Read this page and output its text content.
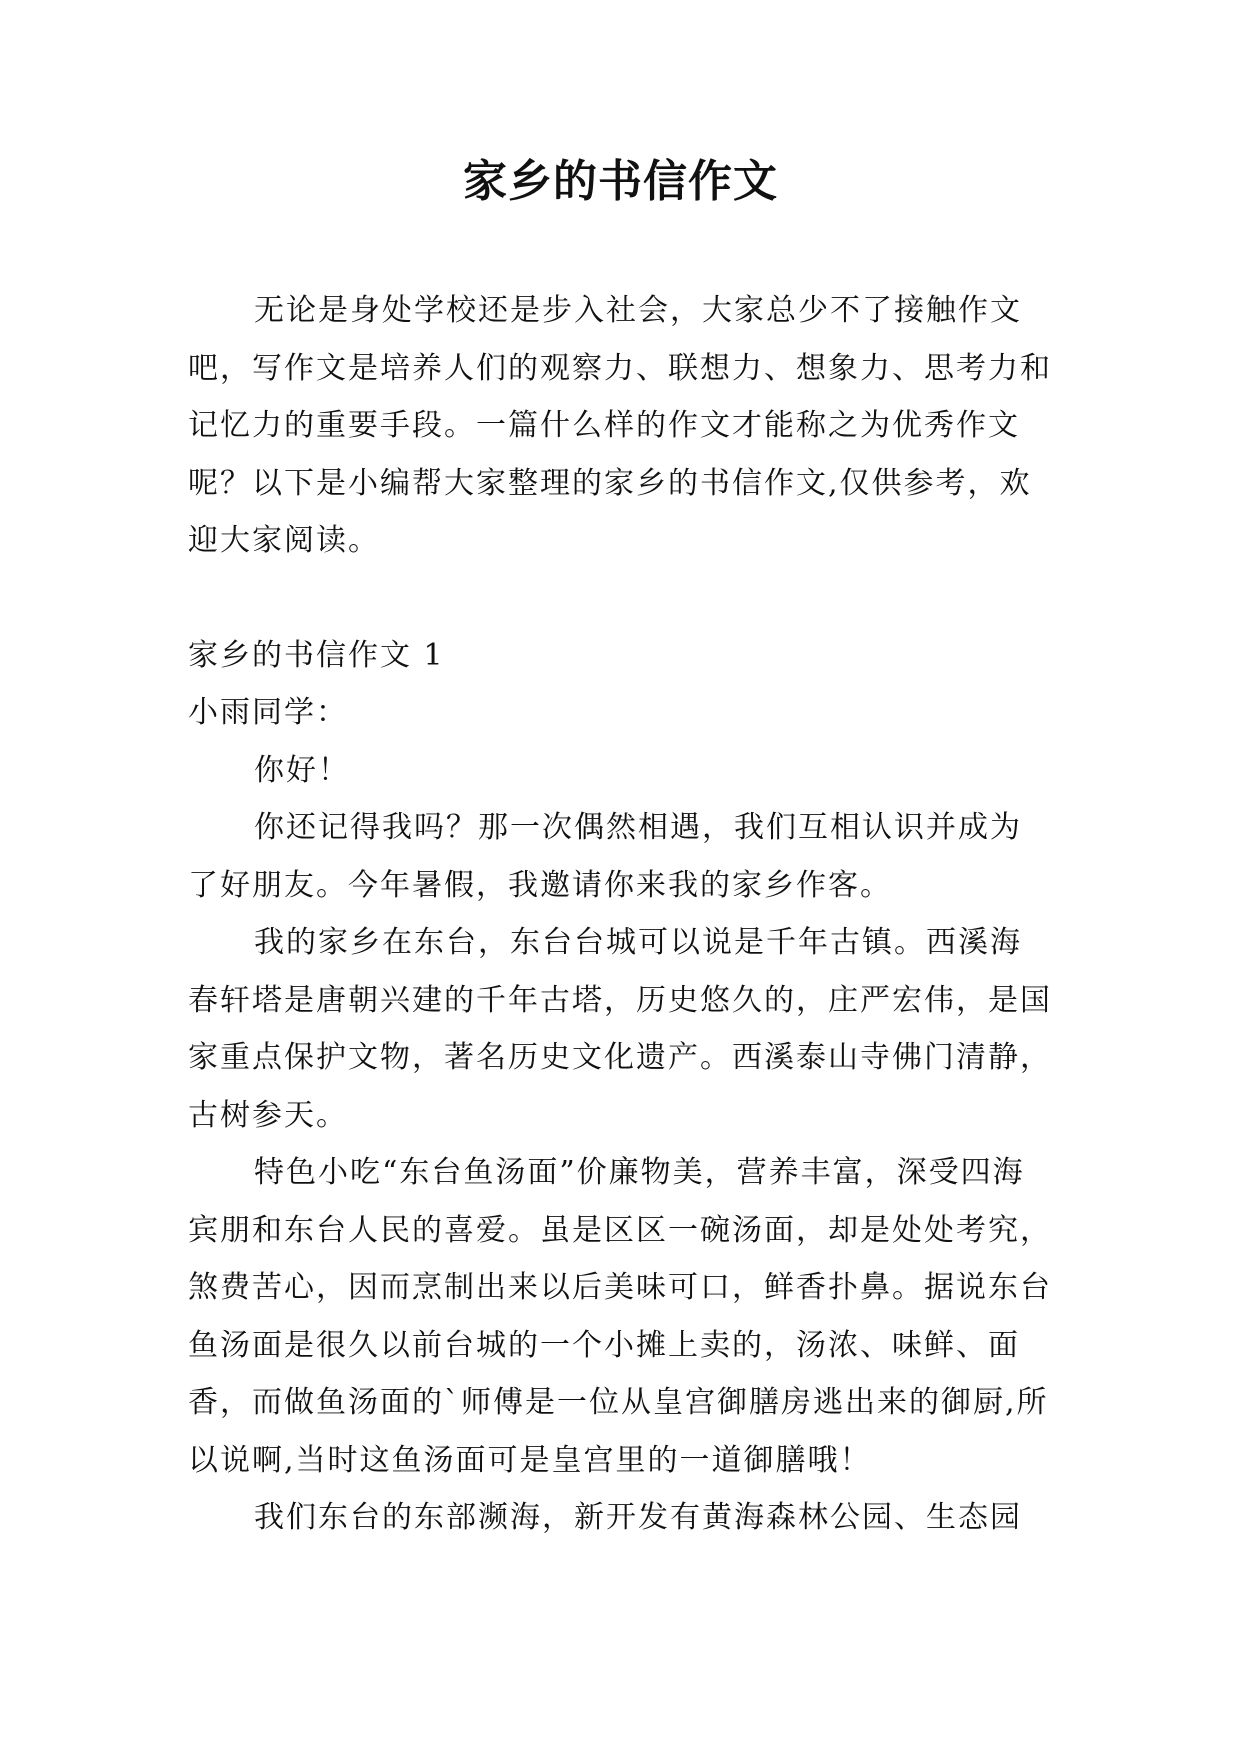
家乡的书信作文

无论是身处学校还是步入社会，大家总少不了接触作文吧，写作文是培养人们的观察力、联想力、想象力、思考力和记忆力的重要手段。一篇什么样的作文才能称之为优秀作文呢？以下是小编帮大家整理的家乡的书信作文,仅供参考，欢迎大家阅读。

家乡的书信作文 1

小雨同学：

你好！

你还记得我吗？那一次偶然相遇，我们互相认识并成为了好朋友。今年暑假，我邀请你来我的家乡作客。

我的家乡在东台，东台台城可以说是千年古镇。西溪海春轩塔是唐朝兴建的千年古塔，历史悠久的，庄严宏伟，是国家重点保护文物，著名历史文化遗产。西溪泰山寺佛门清静，古树参天。

特色小吃“东台鱼汤面”价廉物美，营养丰富，深受四海宾朋和东台人民的喜爱。虽是区区一碗汤面，却是处处考究，煞费苦心，因而烹制出来以后美味可口，鲜香扑鼻。据说东台鱼汤面是很久以前台城的一个小摊上卖的，汤浓、味鲜、面香，而做鱼汤面的`师傅是一位从皇宫御膳房逃出来的御厨,所以说啊,当时这鱼汤面可是皇宫里的一道御膳哦！

我们东台的东部濒海，新开发有黄海森林公园、生态园
